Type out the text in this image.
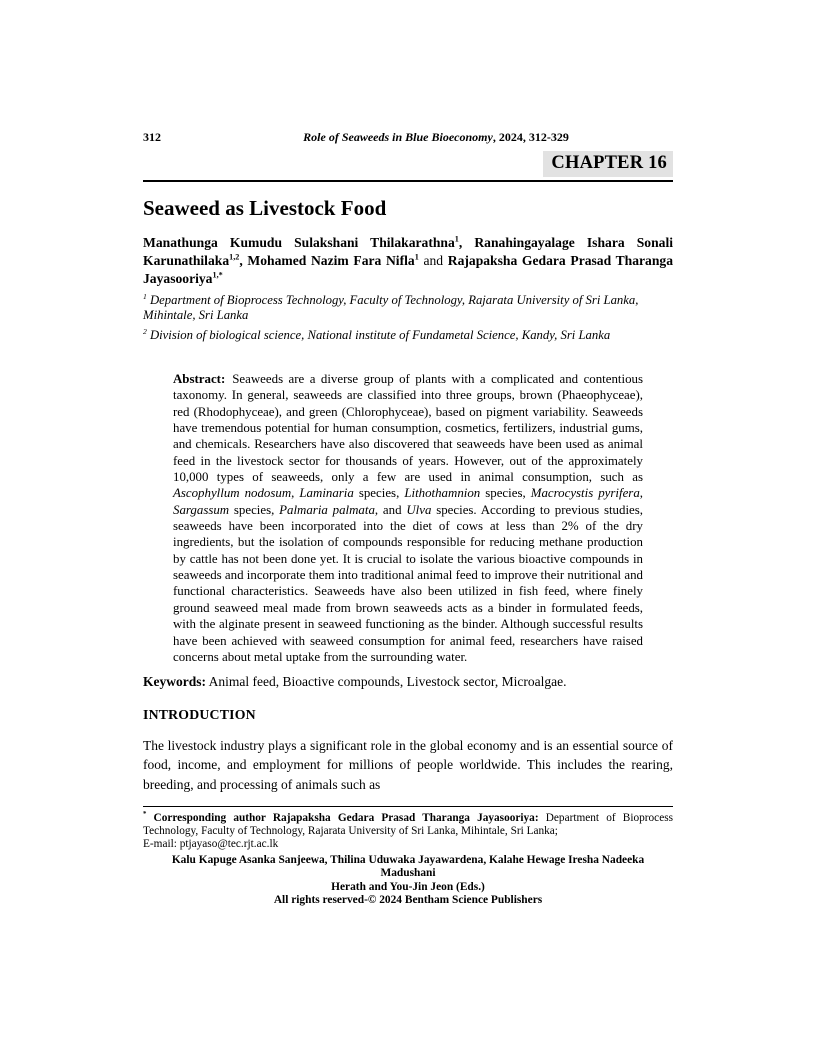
312	Role of Seaweeds in Blue Bioeconomy, 2024, 312-329
CHAPTER 16
Seaweed as Livestock Food

Manathunga Kumudu Sulakshani Thilakarathna$^1$, Ranahingayalage Ishara Sonali Karunathilaka$^{1,2}$, Mohamed Nazim Fara Nifla$^1$ and Rajapaksha Gedara Prasad Tharanga Jayasooriya$^{1,*}$

$^1$ Department of Bioprocess Technology, Faculty of Technology, Rajarata University of Sri Lanka, Mihintale, Sri Lanka

$^2$ Division of biological science, National institute of Fundametal Science, Kandy, Sri Lanka

Abstract: Seaweeds are a diverse group of plants with a complicated and contentious taxonomy. In general, seaweeds are classified into three groups, brown (Phaeophyceae), red (Rhodophyceae), and green (Chlorophyceae), based on pigment variability. Seaweeds have tremendous potential for human consumption, cosmetics, fertilizers, industrial gums, and chemicals. Researchers have also discovered that seaweeds have been used as animal feed in the livestock sector for thousands of years. However, out of the approximately 10,000 types of seaweeds, only a few are used in animal consumption, such as Ascophyllum nodosum, Laminaria species, Lithothamnion species, Macrocystis pyrifera, Sargassum species, Palmaria palmata, and Ulva species. According to previous studies, seaweeds have been incorporated into the diet of cows at less than 2% of the dry ingredients, but the isolation of compounds responsible for reducing methane production by cattle has not been done yet. It is crucial to isolate the various bioactive compounds in seaweeds and incorporate them into traditional animal feed to improve their nutritional and functional characteristics. Seaweeds have also been utilized in fish feed, where finely ground seaweed meal made from brown seaweeds acts as a binder in formulated feeds, with the alginate present in seaweed functioning as the binder. Although successful results have been achieved with seaweed consumption for animal feed, researchers have raised concerns about metal uptake from the surrounding water.

Keywords: Animal feed, Bioactive compounds, Livestock sector, Microalgae.

INTRODUCTION

The livestock industry plays a significant role in the global economy and is an essential source of food, income, and employment for millions of people worldwide. This includes the rearing, breeding, and processing of animals such as

* Corresponding author Rajapaksha Gedara Prasad Tharanga Jayasooriya: Department of Bioprocess Technology, Faculty of Technology, Rajarata University of Sri Lanka, Mihintale, Sri Lanka;
E-mail: ptjayaso@tec.rjt.ac.lk

Kalu Kapuge Asanka Sanjeewa, Thilina Uduwaka Jayawardena, Kalahe Hewage Iresha Nadeeka Madushani
Herath and You-Jin Jeon (Eds.)
All rights reserved-© 2024 Bentham Science Publishers
